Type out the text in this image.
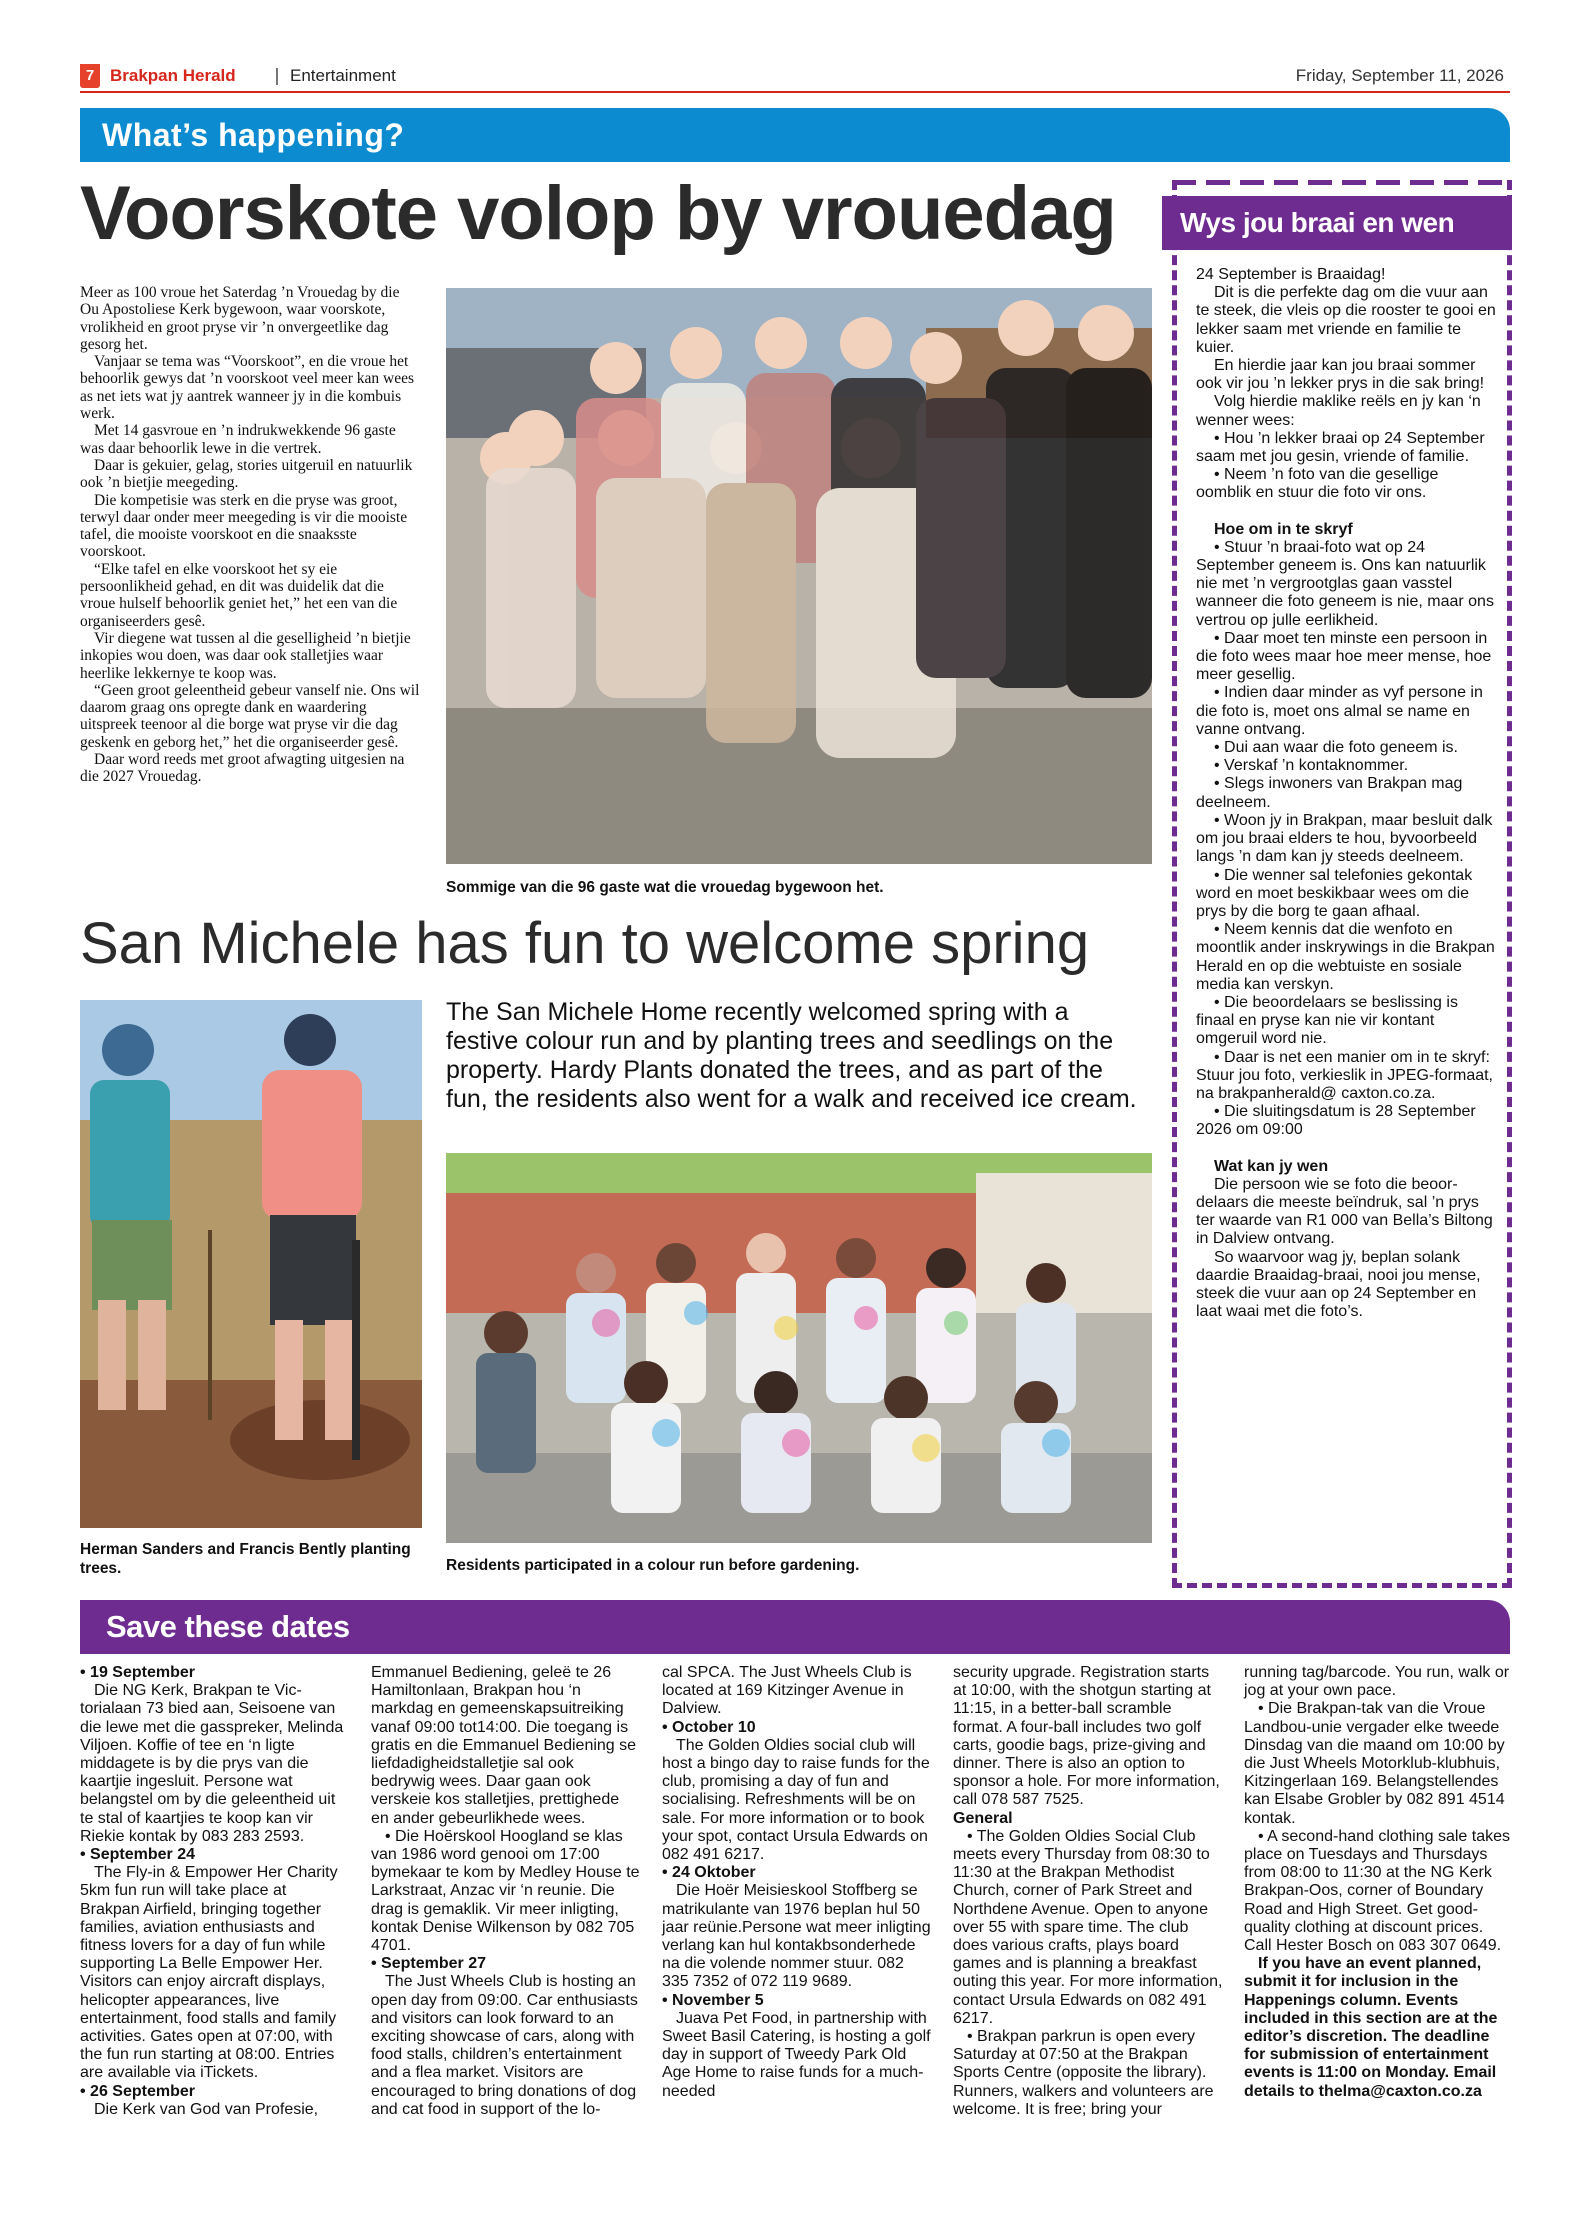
7 Brakpan Herald	Entertainment	Friday, September 11, 2026
What’s happening?
Voorskote volop by vrouedag

Meer as 100 vroue het Saterdag ’n Vrouedag by die Ou Apostoliese Kerk bygewoon, waar voorskote, vrolikheid en groot pryse vir ’n onvergeetlike dag gesorg het.

Vanjaar se tema was “Voorskoot”, en die vroue het behoorlik gewys dat ’n voorskoot veel meer kan wees as net iets wat jy aantrek wanneer jy in die kombuis werk.

Met 14 gasvroue en ’n indrukwekkende 96 gaste was daar behoorlik lewe in die vertrek.

Daar is gekuier, gelag, stories uitgeruil en natuurlik ook ’n bietjie meegeding.

Die kompetisie was sterk en die pryse was groot, terwyl daar onder meer meegeding is vir die mooiste tafel, die mooiste voorskoot en die snaaksste voorskoot.

“Elke tafel en elke voorskoot het sy eie persoonlikheid gehad, en dit was duidelik dat die vroue hulself behoorlik geniet het,” het een van die organiseerders gesê.

Vir diegene wat tussen al die geselligheid ’n bietjie inkopies wou doen, was daar ook stalletjies waar heerlike lekkernye te koop was.

“Geen groot geleentheid gebeur vanself nie. Ons wil daarom graag ons opregte dank en waardering uitspreek teenoor al die borge wat pryse vir die dag geskenk en geborg het,” het die organiseerder gesê.

Daar word reeds met groot afwagting uitgesien na die 2027 Vrouedag.

Sommige van die 96 gaste wat die vrouedag bygewoon het.
San Michele has fun to welcome spring
Herman Sanders and Francis Bently planting trees.
The San Michele Home recently welcomed spring with a festive colour run and by planting trees and seedlings on the property. Hardy Plants donated the trees, and as part of the fun, the residents also went for a walk and received ice cream.
Residents participated in a colour run before gardening.
Wys jou braai en wen

24 September is Braaidag!

Dit is die perfekte dag om die vuur aan te steek, die vleis op die rooster te gooi en lekker saam met vriende en familie te kuier.

En hierdie jaar kan jou braai sommer ook vir jou ’n lekker prys in die sak bring!

Volg hierdie maklike reëls en jy kan ‘n wenner wees:

• Hou ’n lekker braai op 24 September saam met jou gesin, vriende of familie.

• Neem ’n foto van die gesellige oomblik en stuur die foto vir ons.

Hoe om in te skryf

• Stuur ’n braai-foto wat op 24 September geneem is. Ons kan natuurlik nie met ’n vergrootglas gaan vasstel wanneer die foto geneem is nie, maar ons vertrou op julle eerlikheid.

• Daar moet ten minste een persoon in die foto wees maar hoe meer mense, hoe meer gesellig.

• Indien daar minder as vyf persone in die foto is, moet ons almal se name en vanne ontvang.

• Dui aan waar die foto geneem is.

• Verskaf ’n kontaknommer.

• Slegs inwoners van Brakpan mag deelneem.

• Woon jy in Brakpan, maar besluit dalk om jou braai elders te hou, byvoorbeeld langs ’n dam kan jy steeds deelneem.

• Die wenner sal telefonies gekontak word en moet beskikbaar wees om die prys by die borg te gaan afhaal.

• Neem kennis dat die wenfoto en moontlik ander inskrywings in die Brakpan Herald en op die webtuiste en sosiale media kan verskyn.

• Die beoordelaars se beslissing is finaal en pryse kan nie vir kontant omgeruil word nie.

• Daar is net een manier om in te skryf: Stuur jou foto, verkieslik in JPEG-formaat, na brakpanherald@ caxton.co.za.

• Die sluitingsdatum is 28 September 2026 om 09:00

Wat kan jy wen

Die persoon wie se foto die beoordelaars die meeste beïndruk, sal ’n prys ter waarde van R1 000 van Bella’s Biltong in Dalview ontvang.

So waarvoor wag jy, beplan solank daardie Braaidag-braai, nooi jou mense, steek die vuur aan op 24 September en laat waai met die foto’s.

Save these dates

• 19 September

Die NG Kerk, Brakpan te Victorialaan 73 bied aan, Seisoene van die lewe met die gasspreker, Melinda Viljoen. Koffie of tee en ‘n ligte middagete is by die prys van die kaartjie ingesluit. Persone wat belangstel om by die geleentheid uit te stal of kaartjies te koop kan vir Riekie kontak by 083 283 2593.

• September 24

The Fly-in & Empower Her Charity 5km fun run will take place at Brakpan Airfield, bringing together families, aviation enthusiasts and fitness lovers for a day of fun while supporting La Belle Empower Her. Visitors can enjoy aircraft displays, helicopter appearances, live entertainment, food stalls and family activities. Gates open at 07:00, with the fun run starting at 08:00. Entries are available via iTickets.

• 26 September

Die Kerk van God van Profesie,

Emmanuel Bediening, geleë te 26 Hamiltonlaan, Brakpan hou ‘n markdag en gemeenskapsuitreiking vanaf 09:00 tot14:00. Die toegang is gratis en die Emmanuel Bediening se liefdadigheidstalletjie sal ook bedrywig wees. Daar gaan ook verskeie kos stalletjies, prettighede en ander gebeurlikhede wees.

• Die Hoërskool Hoogland se klas van 1986 word genooi om 17:00 bymekaar te kom by Medley House te Larkstraat, Anzac vir ‘n reunie. Die drag is gemaklik. Vir meer inligting, kontak Denise Wilkenson by 082 705 4701.

• September 27

The Just Wheels Club is hosting an open day from 09:00. Car enthusiasts and visitors can look forward to an exciting showcase of cars, along with food stalls, children’s entertainment and a flea market. Visitors are encouraged to bring donations of dog and cat food in support of the lo-

cal SPCA. The Just Wheels Club is located at 169 Kitzinger Avenue in Dalview.

• October 10

The Golden Oldies social club will host a bingo day to raise funds for the club, promising a day of fun and socialising. Refreshments will be on sale. For more information or to book your spot, contact Ursula Edwards on 082 491 6217.

• 24 Oktober

Die Hoër Meisieskool Stoffberg se matrikulante van 1976 beplan hul 50 jaar reünie.Persone wat meer inligting verlang kan hul kontakbsonderhede na die volende nommer stuur. 082 335 7352 of 072 119 9689.

• November 5

Juava Pet Food, in partnership with Sweet Basil Catering, is hosting a golf day in support of Tweedy Park Old Age Home to raise funds for a much-needed

security upgrade. Registration starts at 10:00, with the shotgun starting at 11:15, in a better-ball scramble format. A four-ball includes two golf carts, goodie bags, prize-giving and dinner. There is also an option to sponsor a hole. For more information, call 078 587 7525.

General

• The Golden Oldies Social Club meets every Thursday from 08:30 to 11:30 at the Brakpan Methodist Church, corner of Park Street and Northdene Avenue. Open to anyone over 55 with spare time. The club does various crafts, plays board games and is planning a breakfast outing this year. For more information, contact Ursula Edwards on 082 491 6217.

• Brakpan parkrun is open every Saturday at 07:50 at the Brakpan Sports Centre (opposite the library). Runners, walkers and volunteers are welcome. It is free; bring your

running tag/barcode. You run, walk or jog at your own pace.

• Die Brakpan-tak van die Vroue Landbou-unie vergader elke tweede Dinsdag van die maand om 10:00 by die Just Wheels Motorklub-klubhuis, Kitzingerlaan 169. Belangstellendes kan Elsabe Grobler by 082 891 4514 kontak.

• A second-hand clothing sale takes place on Tuesdays and Thursdays from 08:00 to 11:30 at the NG Kerk Brakpan-Oos, corner of Boundary Road and High Street. Get good-quality clothing at discount prices. Call Hester Bosch on 083 307 0649.

If you have an event planned, submit it for inclusion in the Happenings column. Events included in this section are at the editor’s discretion. The deadline for submission of entertainment events is 11:00 on Monday. Email details to thelma@caxton.co.za
